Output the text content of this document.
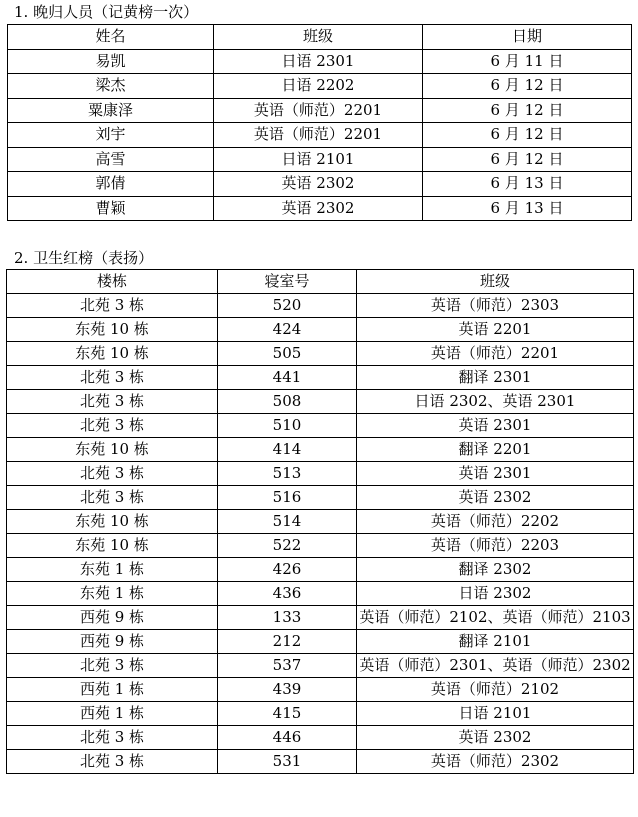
1. 晚归人员（记黄榜一次）
姓名	班级	日期
易凯	日语 2301	6 月 11 日
梁杰	日语 2202	6 月 12 日
粟康泽	英语（师范）2201	6 月 12 日
刘宇	英语（师范）2201	6 月 12 日
高雪	日语 2101	6 月 12 日
郭倩	英语 2302	6 月 13 日
曹颖	英语 2302	6 月 13 日
2. 卫生红榜（表扬）
楼栋	寝室号	班级
北苑 3 栋	520	英语（师范）2303
东苑 10 栋	424	英语 2201
东苑 10 栋	505	英语（师范）2201
北苑 3 栋	441	翻译 2301
北苑 3 栋	508	日语 2302、英语 2301
北苑 3 栋	510	英语 2301
东苑 10 栋	414	翻译 2201
北苑 3 栋	513	英语 2301
北苑 3 栋	516	英语 2302
东苑 10 栋	514	英语（师范）2202
东苑 10 栋	522	英语（师范）2203
东苑 1 栋	426	翻译 2302
东苑 1 栋	436	日语 2302
西苑 9 栋	133	英语（师范）2102、英语（师范）2103
西苑 9 栋	212	翻译 2101
北苑 3 栋	537	英语（师范）2301、英语（师范）2302
西苑 1 栋	439	英语（师范）2102
西苑 1 栋	415	日语 2101
北苑 3 栋	446	英语 2302
北苑 3 栋	531	英语（师范）2302
